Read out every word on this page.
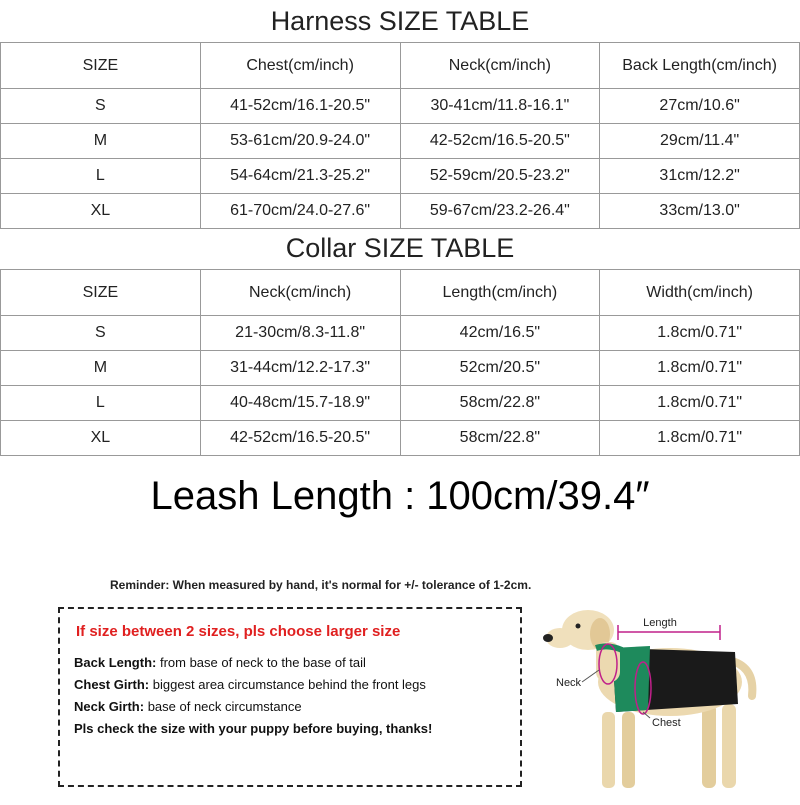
Harness SIZE TABLE			
SIZE	Chest(cm/inch)	Neck(cm/inch)	Back Length(cm/inch)
S	41-52cm/16.1-20.5"	30-41cm/11.8-16.1"	27cm/10.6"
M	53-61cm/20.9-24.0"	42-52cm/16.5-20.5"	29cm/11.4"
L	54-64cm/21.3-25.2"	52-59cm/20.5-23.2"	31cm/12.2"
XL	61-70cm/24.0-27.6"	59-67cm/23.2-26.4"	33cm/13.0"
Collar SIZE TABLE			
SIZE	Neck(cm/inch)	Length(cm/inch)	Width(cm/inch)
S	21-30cm/8.3-11.8"	42cm/16.5"	1.8cm/0.71"
M	31-44cm/12.2-17.3"	52cm/20.5"	1.8cm/0.71"
L	40-48cm/15.7-18.9"	58cm/22.8"	1.8cm/0.71"
XL	42-52cm/16.5-20.5"	58cm/22.8"	1.8cm/0.71"
Leash Length : 100cm/39.4″
Reminder: When measured by hand, it's normal for +/- tolerance of 1-2cm.
If size between 2 sizes, pls choose larger size
Back Length: from base of neck to the base of tail
Chest Girth: biggest area circumstance behind the front legs
Neck Girth: base of neck circumstance
Pls check the size with your puppy before buying, thanks!
Length
Neck
Chest
